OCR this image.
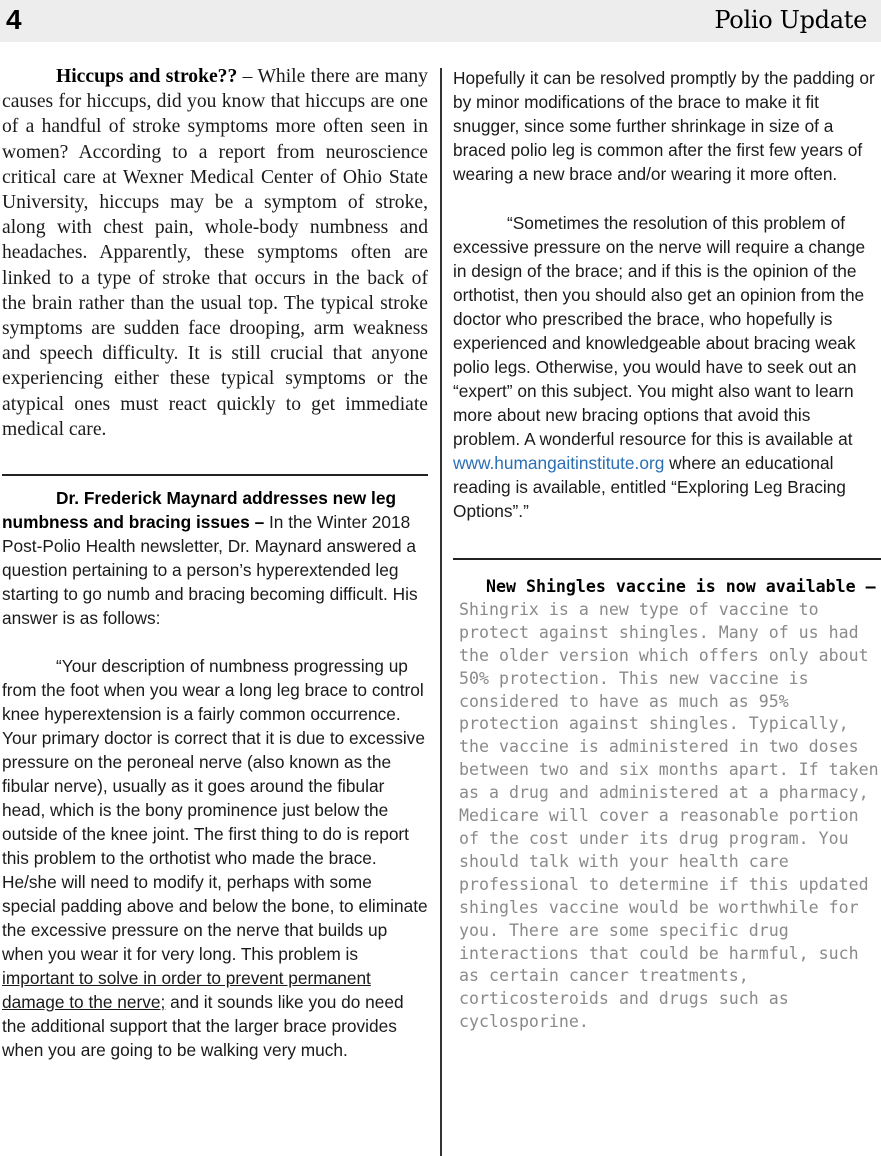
4	Polio Update

Hiccups and stroke?? – While there are many causes for hiccups, did you know that hiccups are one of a handful of stroke symptoms more often seen in women? According to a report from neuroscience critical care at Wexner Medical Center of Ohio State University, hiccups may be a symptom of stroke, along with chest pain, whole-body numbness and headaches. Apparently, these symptoms often are linked to a type of stroke that occurs in the back of the brain rather than the usual top. The typical stroke symptoms are sudden face drooping, arm weakness and speech difficulty. It is still crucial that anyone experiencing either these typical symptoms or the atypical ones must react quickly to get immediate medical care.

Dr. Frederick Maynard addresses new leg numbness and bracing issues – In the Winter 2018 Post-Polio Health newsletter, Dr. Maynard answered a question pertaining to a person’s hyperextended leg starting to go numb and bracing becoming difficult. His answer is as follows:

“Your description of numbness progressing up from the foot when you wear a long leg brace to control knee hyperextension is a fairly common occurrence. Your primary doctor is correct that it is due to excessive pressure on the peroneal nerve (also known as the fibular nerve), usually as it goes around the fibular head, which is the bony prominence just below the outside of the knee joint. The first thing to do is report this problem to the orthotist who made the brace. He/she will need to modify it, perhaps with some special padding above and below the bone, to eliminate the excessive pressure on the nerve that builds up when you wear it for very long. This problem is important to solve in order to prevent permanent damage to the nerve; and it sounds like you do need the additional support that the larger brace provides when you are going to be walking very much.

Hopefully it can be resolved promptly by the padding or by minor modifications of the brace to make it fit snugger, since some further shrinkage in size of a braced polio leg is common after the first few years of wearing a new brace and/or wearing it more often.

“Sometimes the resolution of this problem of excessive pressure on the nerve will require a change in design of the brace; and if this is the opinion of the orthotist, then you should also get an opinion from the doctor who prescribed the brace, who hopefully is experienced and knowledgeable about bracing weak polio legs. Otherwise, you would have to seek out an “expert” on this subject. You might also want to learn more about new bracing options that avoid this problem. A wonderful resource for this is available at www.humangaitinstitute.org where an educational reading is available, entitled “Exploring Leg Bracing Options”.”

New Shingles vaccine is now available – Shingrix is a new type of vaccine to protect against shingles. Many of us had the older version which offers only about 50% protection. This new vaccine is considered to have as much as 95% protection against shingles. Typically, the vaccine is administered in two doses between two and six months apart. If taken as a drug and administered at a pharmacy, Medicare will cover a reasonable portion of the cost under its drug program. You should talk with your health care professional to determine if this updated shingles vaccine would be worthwhile for you. There are some specific drug interactions that could be harmful, such as certain cancer treatments, corticosteroids and drugs such as cyclosporine.
